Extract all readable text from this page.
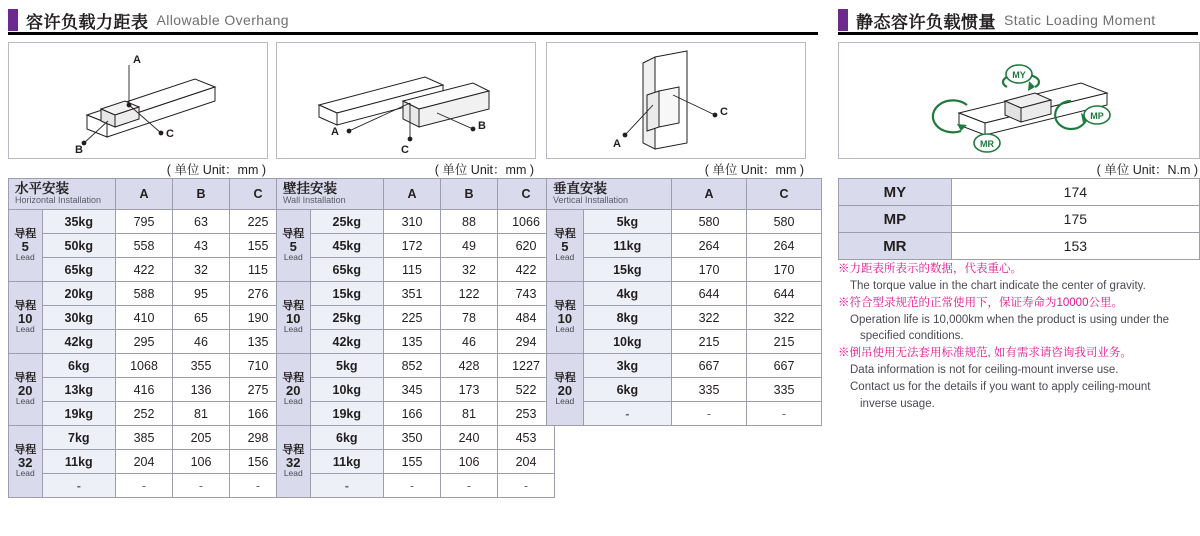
容许负载力距表 Allowable Overhang	静态容许负载惯量 Static Loading Moment
A
C
B
A
C
B
A
C
MY
MP
MR
( 单位 Unit：mm )	( 单位 Unit：mm )	( 单位 Unit：mm )	( 单位 Unit：N.m )
水平安装
Horizontal Installation		A	B	C

导程
5
Lead	35kg	795	63	225
	50kg	558	43	155
	65kg	422	32	115

导程
10
Lead	20kg	588	95	276
	30kg	410	65	190
	42kg	295	46	135

导程
20
Lead	6kg	1068	355	710
	13kg	416	136	275
	19kg	252	81	166

导程
32
Lead	7kg	385	205	298
	11kg	204	106	156
	-	-	-	-
壁挂安装
Wall Installation		A	B	C

导程
5
Lead	25kg	310	88	1066
	45kg	172	49	620
	65kg	115	32	422

导程
10
Lead	15kg	351	122	743
	25kg	225	78	484
	42kg	135	46	294

导程
20
Lead	5kg	852	428	1227
	10kg	345	173	522
	19kg	166	81	253

导程
32
Lead	6kg	350	240	453
	11kg	155	106	204
	-	-	-	-
垂直安装
Vertical Installation		A	C

导程
5
Lead	5kg	580	580
	11kg	264	264
	15kg	170	170

导程
10
Lead	4kg	644	644
	8kg	322	322
	10kg	215	215

导程
20
Lead	3kg	667	667
	6kg	335	335
	-	-	-
MY	174
MP	175
MR	153
※力距表所表示的数据，代表重心。
The torque value in the chart indicate the center of gravity.
※符合型录规范的正常使用下，保证寿命为10000公里。
Operation life is 10,000km when the product is using under the
specified conditions.
※倒吊使用无法套用标准规范, 如有需求请咨询我司业务。
Data information is not for ceiling-mount inverse use.
Contact us for the details if you want to apply ceiling-mount
inverse usage.
